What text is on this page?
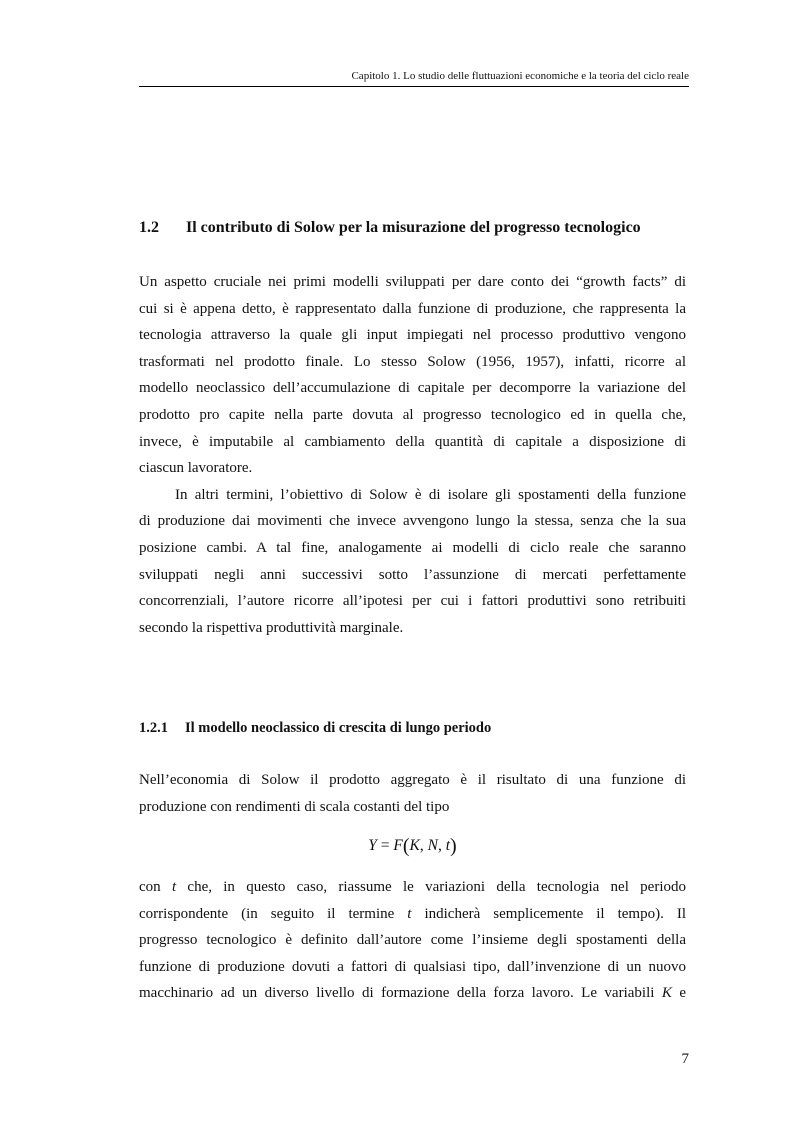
Capitolo 1. Lo studio delle fluttuazioni economiche e la teoria del ciclo reale
1.2 Il contributo di Solow per la misurazione del progresso tecnologico

Un aspetto cruciale nei primi modelli sviluppati per dare conto dei “growth facts” di
cui si è appena detto, è rappresentato dalla funzione di produzione, che rappresenta la
tecnologia attraverso la quale gli input impiegati nel processo produttivo vengono
trasformati nel prodotto finale. Lo stesso Solow (1956, 1957), infatti, ricorre al
modello neoclassico dell’accumulazione di capitale per decomporre la variazione del
prodotto pro capite nella parte dovuta al progresso tecnologico ed in quella che,
invece, è imputabile al cambiamento della quantità di capitale a disposizione di
ciascun lavoratore.

In altri termini, l’obiettivo di Solow è di isolare gli spostamenti della funzione
di produzione dai movimenti che invece avvengono lungo la stessa, senza che la sua
posizione cambi. A tal fine, analogamente ai modelli di ciclo reale che saranno
sviluppati negli anni successivi sotto l’assunzione di mercati perfettamente
concorrenziali, l’autore ricorre all’ipotesi per cui i fattori produttivi sono retribuiti
secondo la rispettiva produttività marginale.

1.2.1 Il modello neoclassico di crescita di lungo periodo

Nell’economia di Solow il prodotto aggregato è il risultato di una funzione di
produzione con rendimenti di scala costanti del tipo

Y = F(K, N, t)

con t che, in questo caso, riassume le variazioni della tecnologia nel periodo
corrispondente (in seguito il termine t indicherà semplicemente il tempo). Il
progresso tecnologico è definito dall’autore come l’insieme degli spostamenti della
funzione di produzione dovuti a fattori di qualsiasi tipo, dall’invenzione di un nuovo
macchinario ad un diverso livello di formazione della forza lavoro. Le variabili K e

7
